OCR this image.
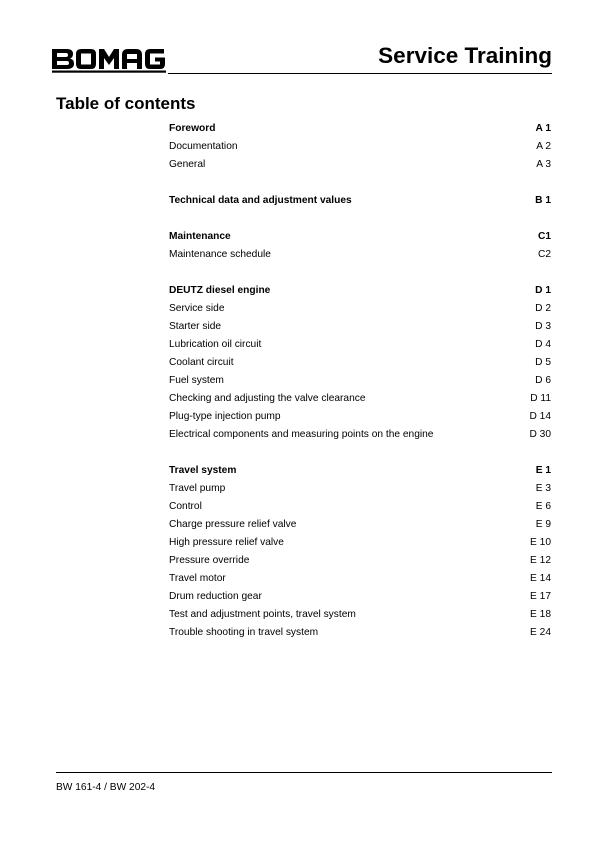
Service Training
Table of contents
Foreword	A 1
Documentation	A 2
General	A 3
Technical data and adjustment values	B 1
Maintenance	C1
Maintenance schedule	C2
DEUTZ diesel engine	D 1
Service side	D 2
Starter side	D 3
Lubrication oil circuit	D 4
Coolant circuit	D 5
Fuel system	D 6
Checking and adjusting the valve clearance	D 11
Plug-type injection pump	D 14
Electrical components and measuring points on the engine	D 30
Travel system	E 1
Travel pump	E 3
Control	E 6
Charge pressure relief valve	E 9
High pressure relief valve	E 10
Pressure override	E 12
Travel motor	E 14
Drum reduction gear	E 17
Test and adjustment points, travel system	E 18
Trouble shooting in travel system	E 24
BW 161-4 / BW 202-4
